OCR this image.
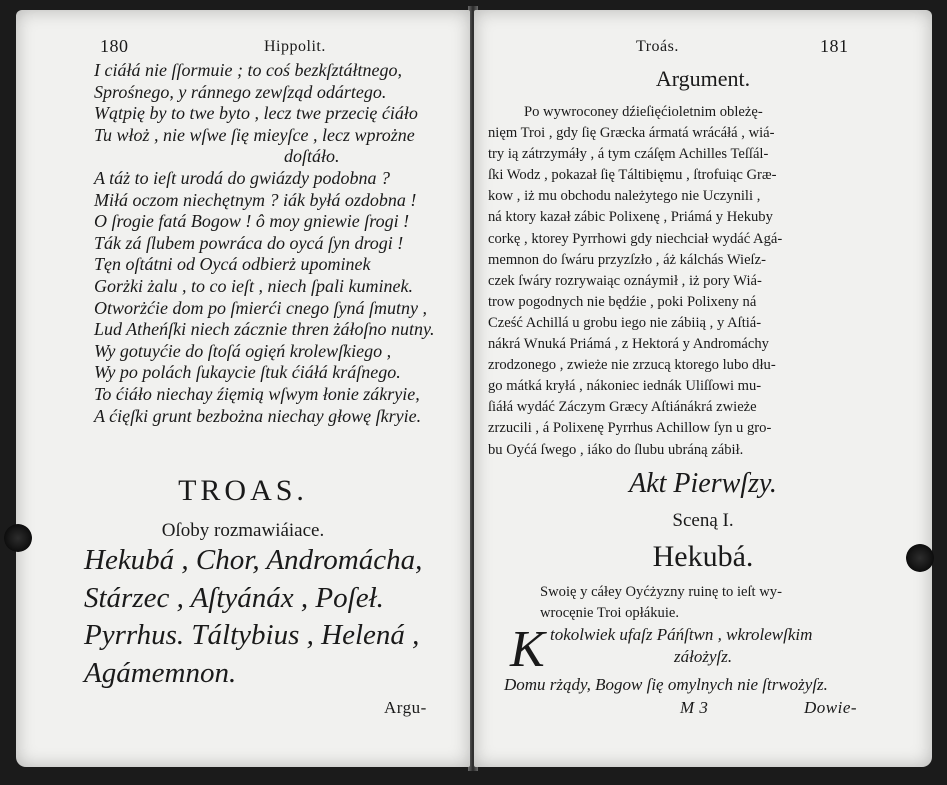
180	Hippolit.
I ciáłá nie ſſormuie ; to coś bezkſztáłtnego,
Sprośnego, y ránnego zewſząd odártego.
Wątpię by to twe byto , lecz twe przecię ćiáło
Tu włoż , nie wſwe ſię mieyſce , lecz wprożne
doſtáło.
A táż to ieſt urodá do gwiázdy podobna ?
Miłá oczom niechętnym ? iák byłá ozdobna !
O ſrogie fatá Bogow ! ô moy gniewie ſrogi !
Ták zá ſlubem powráca do oycá ſyn drogi !
Tęn oſtátni od Oycá odbierż upominek
Gorżki żalu , to co ieſt , niech ſpali kuminek.
Otworżćie dom po ſmierći cnego ſyná ſmutny ,
Lud Atheńſki niech zácznie thren żáłoſno nutny.
Wy gotuyćie do ſtoſá ogięń krolewſkiego ,
Wy po polách ſukaycie ſtuk ćiáłá kráſnego.
To ćiáło niechay źięmią wſwym łonie zákryie,
A ćięſki grunt bezbożna niechay głowę ſkryie.
TROAS.
Oſoby rozmawiáiace.
Hekubá , Chor, Andromácha,
Stárzec , Aſtyánáx , Poſeł.
Pyrrhus. Táltybius , Helená ,
Agámemnon.
Argu-
Troás.	181
Argument.
Po wywroconey dźieſięćioletnim obleżę-
nięm Troi , gdy ſię Græcka ármatá wrácáłá , wiá-
try ią zátrzymáły , á tym czáſęm Achilles Teſſál-
ſki Wodz , pokazał ſię Táltibięmu , ſtrofuiąc Græ-
kow , iż mu obchodu należytego nie Uczynili ,
ná ktory kazał zábic Polixenę , Priámá y Hekuby
corkę , ktorey Pyrrhowi gdy niechciał wydáć Agá-
memnon do ſwáru przyzſzło , áż kálchás Wieſz-
czek ſwáry rozrywaiąc oznáymił , iż pory Wiá-
trow pogodnych nie będźie , poki Polixeny ná
Cześć Achillá u grobu iego nie zábiią , y Aſtiá-
nákrá Wnuká Priámá , z Hektorá y Andromáchy
zrodzonego , zwieże nie zrzucą ktorego lubo dłu-
go mátká kryłá , nákoniec iednák Uliſſowi mu-
ſiáłá wydáć Záczym Græcy Aſtiánákrá zwieże
zrzucili , á Polixenę Pyrrhus Achillow ſyn u gro-
bu Oyćá ſwego , iáko do ſlubu ubráną zábił.
Akt Pierwſzy.
Sceną I.
Hekubá.
Swoię y cáłey Oyćżyzny ruinę to ieſt wy-
wrocęnie Troi opłákuie.
K tokolwiek ufaſz Páńſtwn , wkrolewſkim
záłożyſz.
Domu rżądy, Bogow ſię omylnych nie ſtrwożyſz.
M 3	Dowie-
